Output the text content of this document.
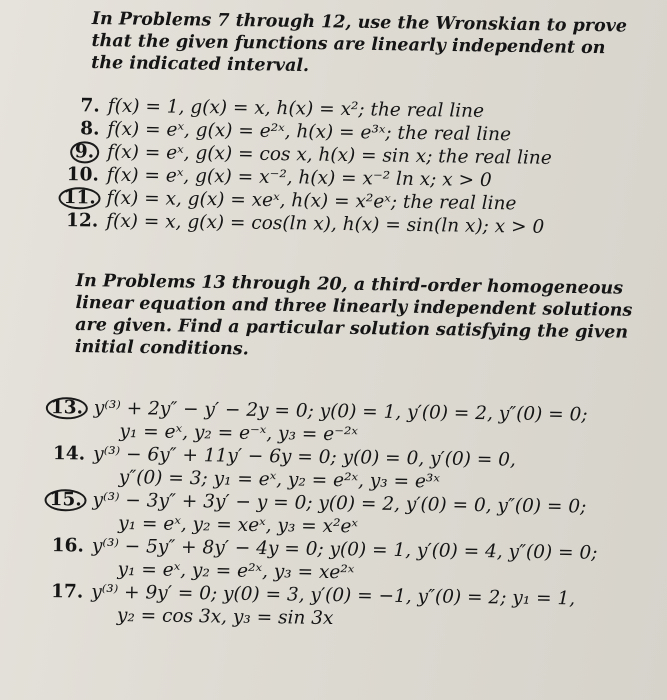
In Problems 7 through 12, use the Wronskian to prove that the given functions are linearly independent on the indicated interval.
7. f(x) = 1, g(x) = x, h(x) = x²; the real line
8. f(x) = eˣ, g(x) = e²ˣ, h(x) = e³ˣ; the real line
9. f(x) = eˣ, g(x) = cos x, h(x) = sin x; the real line
10. f(x) = eˣ, g(x) = x⁻², h(x) = x⁻² ln x; x > 0
11. f(x) = x, g(x) = xeˣ, h(x) = x²eˣ; the real line
12. f(x) = x, g(x) = cos(ln x), h(x) = sin(ln x); x > 0
In Problems 13 through 20, a third-order homogeneous linear equation and three linearly independent solutions are given. Find a particular solution satisfying the given initial conditions.
13. y⁽³⁾ + 2y″ − y′ − 2y = 0; y(0) = 1, y′(0) = 2, y″(0) = 0;
y₁ = eˣ, y₂ = e⁻ˣ, y₃ = e⁻²ˣ
14. y⁽³⁾ − 6y″ + 11y′ − 6y = 0; y(0) = 0, y′(0) = 0,
y″(0) = 3; y₁ = eˣ, y₂ = e²ˣ, y₃ = e³ˣ
15. y⁽³⁾ − 3y″ + 3y′ − y = 0; y(0) = 2, y′(0) = 0, y″(0) = 0;
y₁ = eˣ, y₂ = xeˣ, y₃ = x²eˣ
16. y⁽³⁾ − 5y″ + 8y′ − 4y = 0; y(0) = 1, y′(0) = 4, y″(0) = 0;
y₁ = eˣ, y₂ = e²ˣ, y₃ = xe²ˣ
17. y⁽³⁾ + 9y′ = 0; y(0) = 3, y′(0) = −1, y″(0) = 2; y₁ = 1,
y₂ = cos 3x, y₃ = sin 3x
